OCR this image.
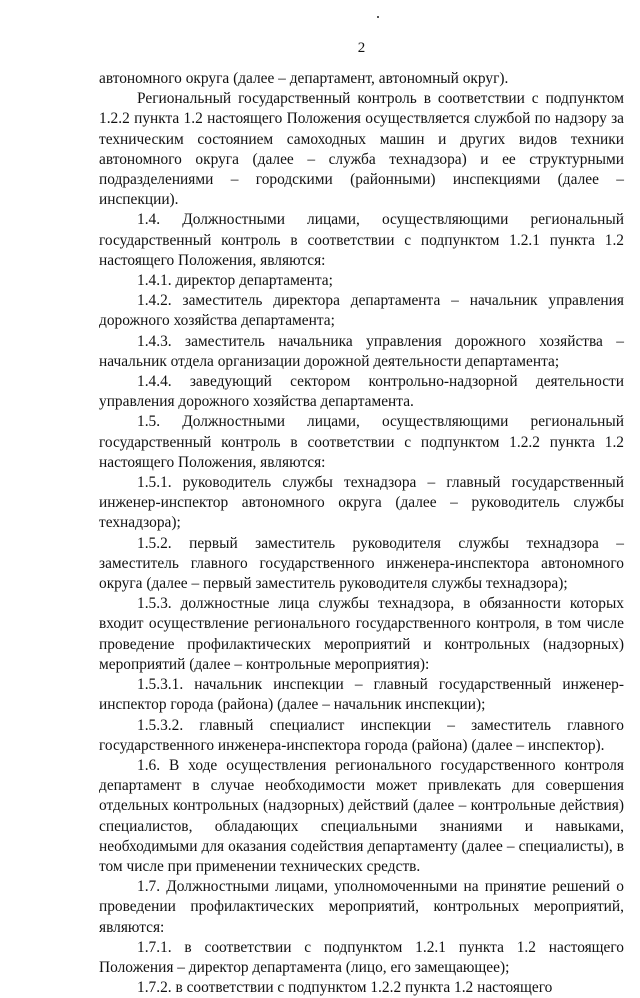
2

автономного округа (далее – департамент, автономный округ).

Региональный государственный контроль в соответствии с подпунктом 1.2.2 пункта 1.2 настоящего Положения осуществляется службой по надзору за техническим состоянием самоходных машин и других видов техники автономного округа (далее – служба технадзора) и ее структурными подразделениями – городскими (районными) инспекциями (далее – инспекции).

1.4. Должностными лицами, осуществляющими региональный государственный контроль в соответствии с подпунктом 1.2.1 пункта 1.2 настоящего Положения, являются:

1.4.1. директор департамента;

1.4.2. заместитель директора департамента – начальник управления дорожного хозяйства департамента;

1.4.3. заместитель начальника управления дорожного хозяйства – начальник отдела организации дорожной деятельности департамента;

1.4.4. заведующий сектором контрольно-надзорной деятельности управления дорожного хозяйства департамента.

1.5. Должностными лицами, осуществляющими региональный государственный контроль в соответствии с подпунктом 1.2.2 пункта 1.2 настоящего Положения, являются:

1.5.1. руководитель службы технадзора – главный государственный инженер-инспектор автономного округа (далее – руководитель службы технадзора);

1.5.2. первый заместитель руководителя службы технадзора – заместитель главного государственного инженера-инспектора автономного округа (далее – первый заместитель руководителя службы технадзора);

1.5.3. должностные лица службы технадзора, в обязанности которых входит осуществление регионального государственного контроля, в том числе проведение профилактических мероприятий и контрольных (надзорных) мероприятий (далее – контрольные мероприятия):

1.5.3.1. начальник инспекции – главный государственный инженер-инспектор города (района) (далее – начальник инспекции);

1.5.3.2. главный специалист инспекции – заместитель главного государственного инженера-инспектора города (района) (далее – инспектор).

1.6. В ходе осуществления регионального государственного контроля департамент в случае необходимости может привлекать для совершения отдельных контрольных (надзорных) действий (далее – контрольные действия) специалистов, обладающих специальными знаниями и навыками, необходимыми для оказания содействия департаменту (далее – специалисты), в том числе при применении технических средств.

1.7. Должностными лицами, уполномоченными на принятие решений о проведении профилактических мероприятий, контрольных мероприятий, являются:

1.7.1. в соответствии с подпунктом 1.2.1 пункта 1.2 настоящего Положения – директор департамента (лицо, его замещающее);

1.7.2. в соответствии с подпунктом 1.2.2 пункта 1.2 настоящего
